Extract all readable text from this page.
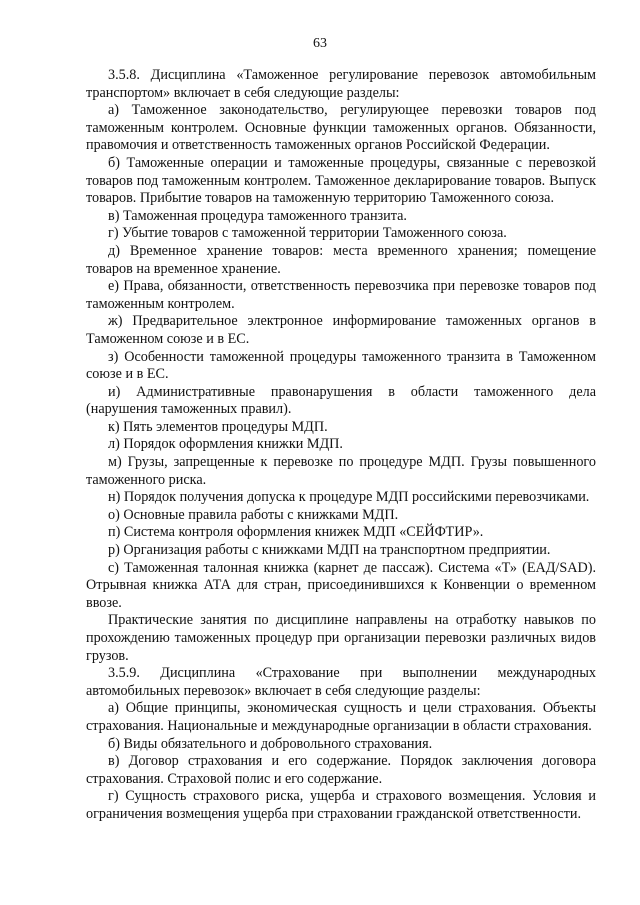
63

3.5.8. Дисциплина «Таможенное регулирование перевозок автомобильным транспортом» включает в себя следующие разделы:

а) Таможенное законодательство, регулирующее перевозки товаров под таможенным контролем. Основные функции таможенных органов. Обязанности, правомочия и ответственность таможенных органов Российской Федерации.

б) Таможенные операции и таможенные процедуры, связанные с перевозкой товаров под таможенным контролем. Таможенное декларирование товаров. Выпуск товаров. Прибытие товаров на таможенную территорию Таможенного союза.

в) Таможенная процедура таможенного транзита.

г) Убытие товаров с таможенной территории Таможенного союза.

д) Временное хранение товаров: места временного хранения; помещение товаров на временное хранение.

е) Права, обязанности, ответственность перевозчика при перевозке товаров под таможенным контролем.

ж) Предварительное электронное информирование таможенных органов в Таможенном союзе и в ЕС.

з) Особенности таможенной процедуры таможенного транзита в Таможенном союзе и в ЕС.

и) Административные правонарушения в области таможенного дела (нарушения таможенных правил).

к) Пять элементов процедуры МДП.

л) Порядок оформления книжки МДП.

м) Грузы, запрещенные к перевозке по процедуре МДП. Грузы повышенного таможенного риска.

н) Порядок получения допуска к процедуре МДП российскими перевозчиками.

о) Основные правила работы с книжками МДП.

п) Система контроля оформления книжек МДП «СЕЙФТИР».

р) Организация работы с книжками МДП на транспортном предприятии.

с) Таможенная талонная книжка (карнет де пассаж). Система «Т» (ЕАД/SAD). Отрывная книжка АТА для стран, присоединившихся к Конвенции о временном ввозе.

Практические занятия по дисциплине направлены на отработку навыков по прохождению таможенных процедур при организации перевозки различных видов грузов.

3.5.9. Дисциплина «Страхование при выполнении международных автомобильных перевозок» включает в себя следующие разделы:

а) Общие принципы, экономическая сущность и цели страхования. Объекты страхования. Национальные и международные организации в области страхования.

б) Виды обязательного и добровольного страхования.

в) Договор страхования и его содержание. Порядок заключения договора страхования. Страховой полис и его содержание.

г) Сущность страхового риска, ущерба и страхового возмещения. Условия и ограничения возмещения ущерба при страховании гражданской ответственности.
